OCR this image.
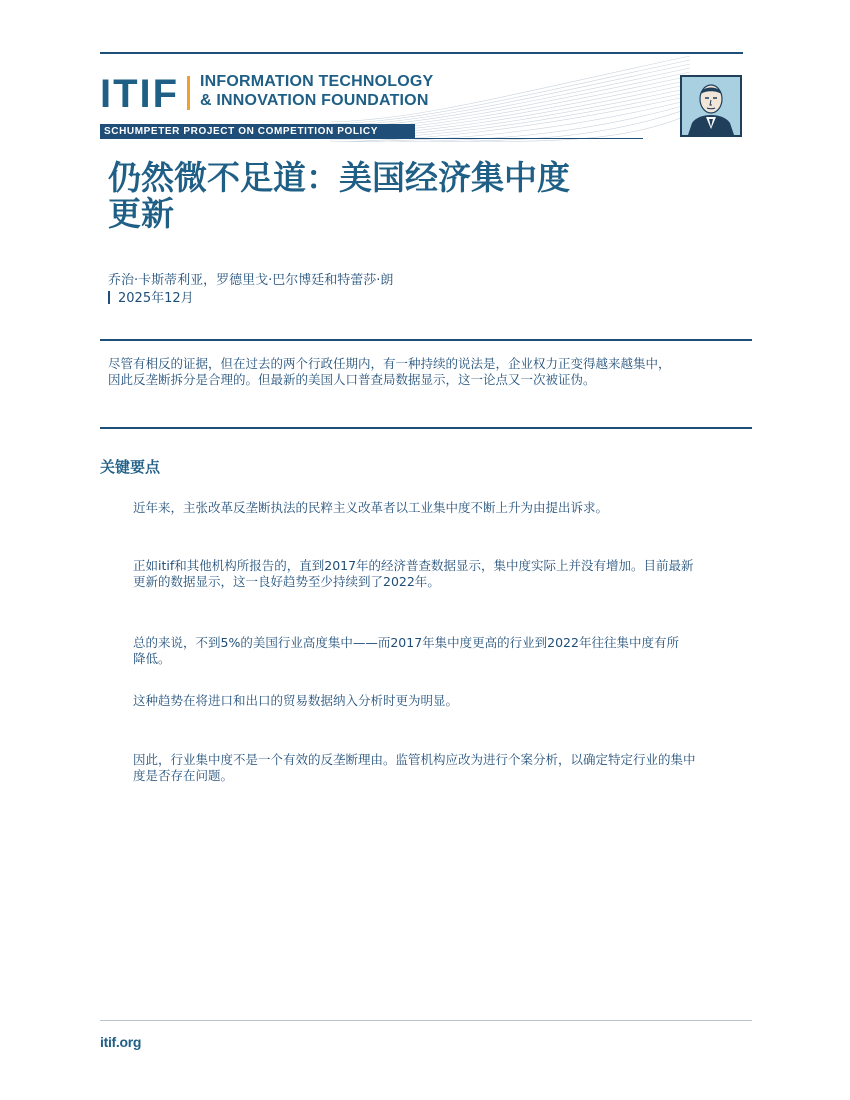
ITIF INFORMATION TECHNOLOGY
& INNOVATION FOUNDATION
SCHUMPETER PROJECT ON COMPETITION POLICY
仍然微不足道：美国经济集中度
更新
乔治·卡斯蒂利亚，罗德里戈·巴尔博廷和特蕾莎·朗
2025年12月
尽管有相反的证据，但在过去的两个行政任期内，有一种持续的说法是，企业权力正变得越来越集中，
因此反垄断拆分是合理的。但最新的美国人口普查局数据显示，这一论点又一次被证伪。
关键要点
近年来，主张改革反垄断执法的民粹主义改革者以工业集中度不断上升为由提出诉求。
正如itif和其他机构所报告的，直到2017年的经济普查数据显示，集中度实际上并没有增加。目前最新
更新的数据显示，这一良好趋势至少持续到了2022年。
总的来说，不到5%的美国行业高度集中——而2017年集中度更高的行业到2022年往往集中度有所
降低。
这种趋势在将进口和出口的贸易数据纳入分析时更为明显。
因此，行业集中度不是一个有效的反垄断理由。监管机构应改为进行个案分析，以确定特定行业的集中
度是否存在问题。
itif.org
